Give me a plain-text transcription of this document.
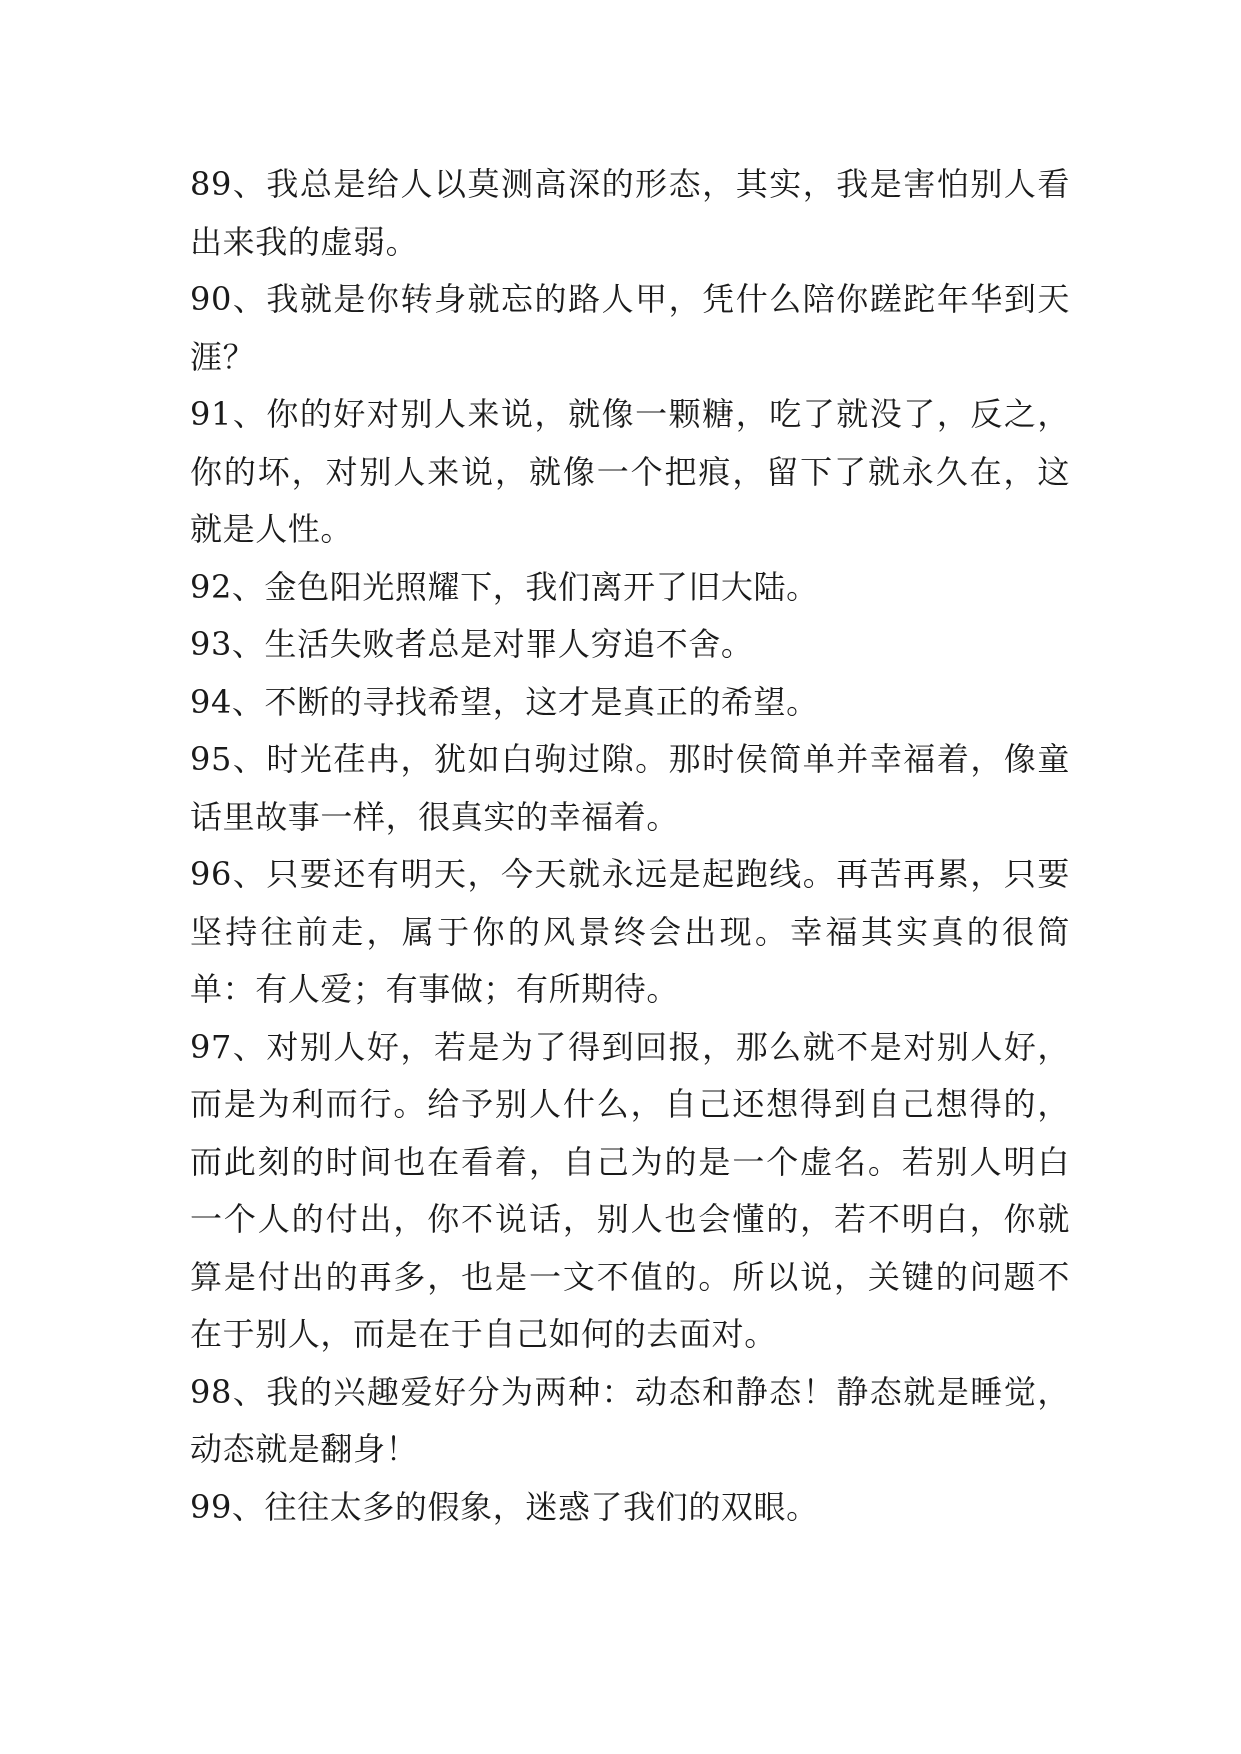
89、我总是给人以莫测高深的形态，其实，我是害怕别人看出来我的虚弱。

90、我就是你转身就忘的路人甲，凭什么陪你蹉跎年华到天涯？

91、你的好对别人来说，就像一颗糖，吃了就没了，反之，你的坏，对别人来说，就像一个把痕，留下了就永久在，这就是人性。

92、金色阳光照耀下，我们离开了旧大陆。

93、生活失败者总是对罪人穷追不舍。

94、不断的寻找希望，这才是真正的希望。

95、时光荏冉，犹如白驹过隙。那时侯简单并幸福着，像童话里故事一样，很真实的幸福着。

96、只要还有明天，今天就永远是起跑线。再苦再累，只要坚持往前走，属于你的风景终会出现。幸福其实真的很简单：有人爱；有事做；有所期待。

97、对别人好，若是为了得到回报，那么就不是对别人好，而是为利而行。给予别人什么，自己还想得到自己想得的，而此刻的时间也在看着，自己为的是一个虚名。若别人明白一个人的付出，你不说话，别人也会懂的，若不明白，你就算是付出的再多，也是一文不值的。所以说，关键的问题不在于别人，而是在于自己如何的去面对。

98、我的兴趣爱好分为两种：动态和静态！静态就是睡觉，动态就是翻身！

99、往往太多的假象，迷惑了我们的双眼。
